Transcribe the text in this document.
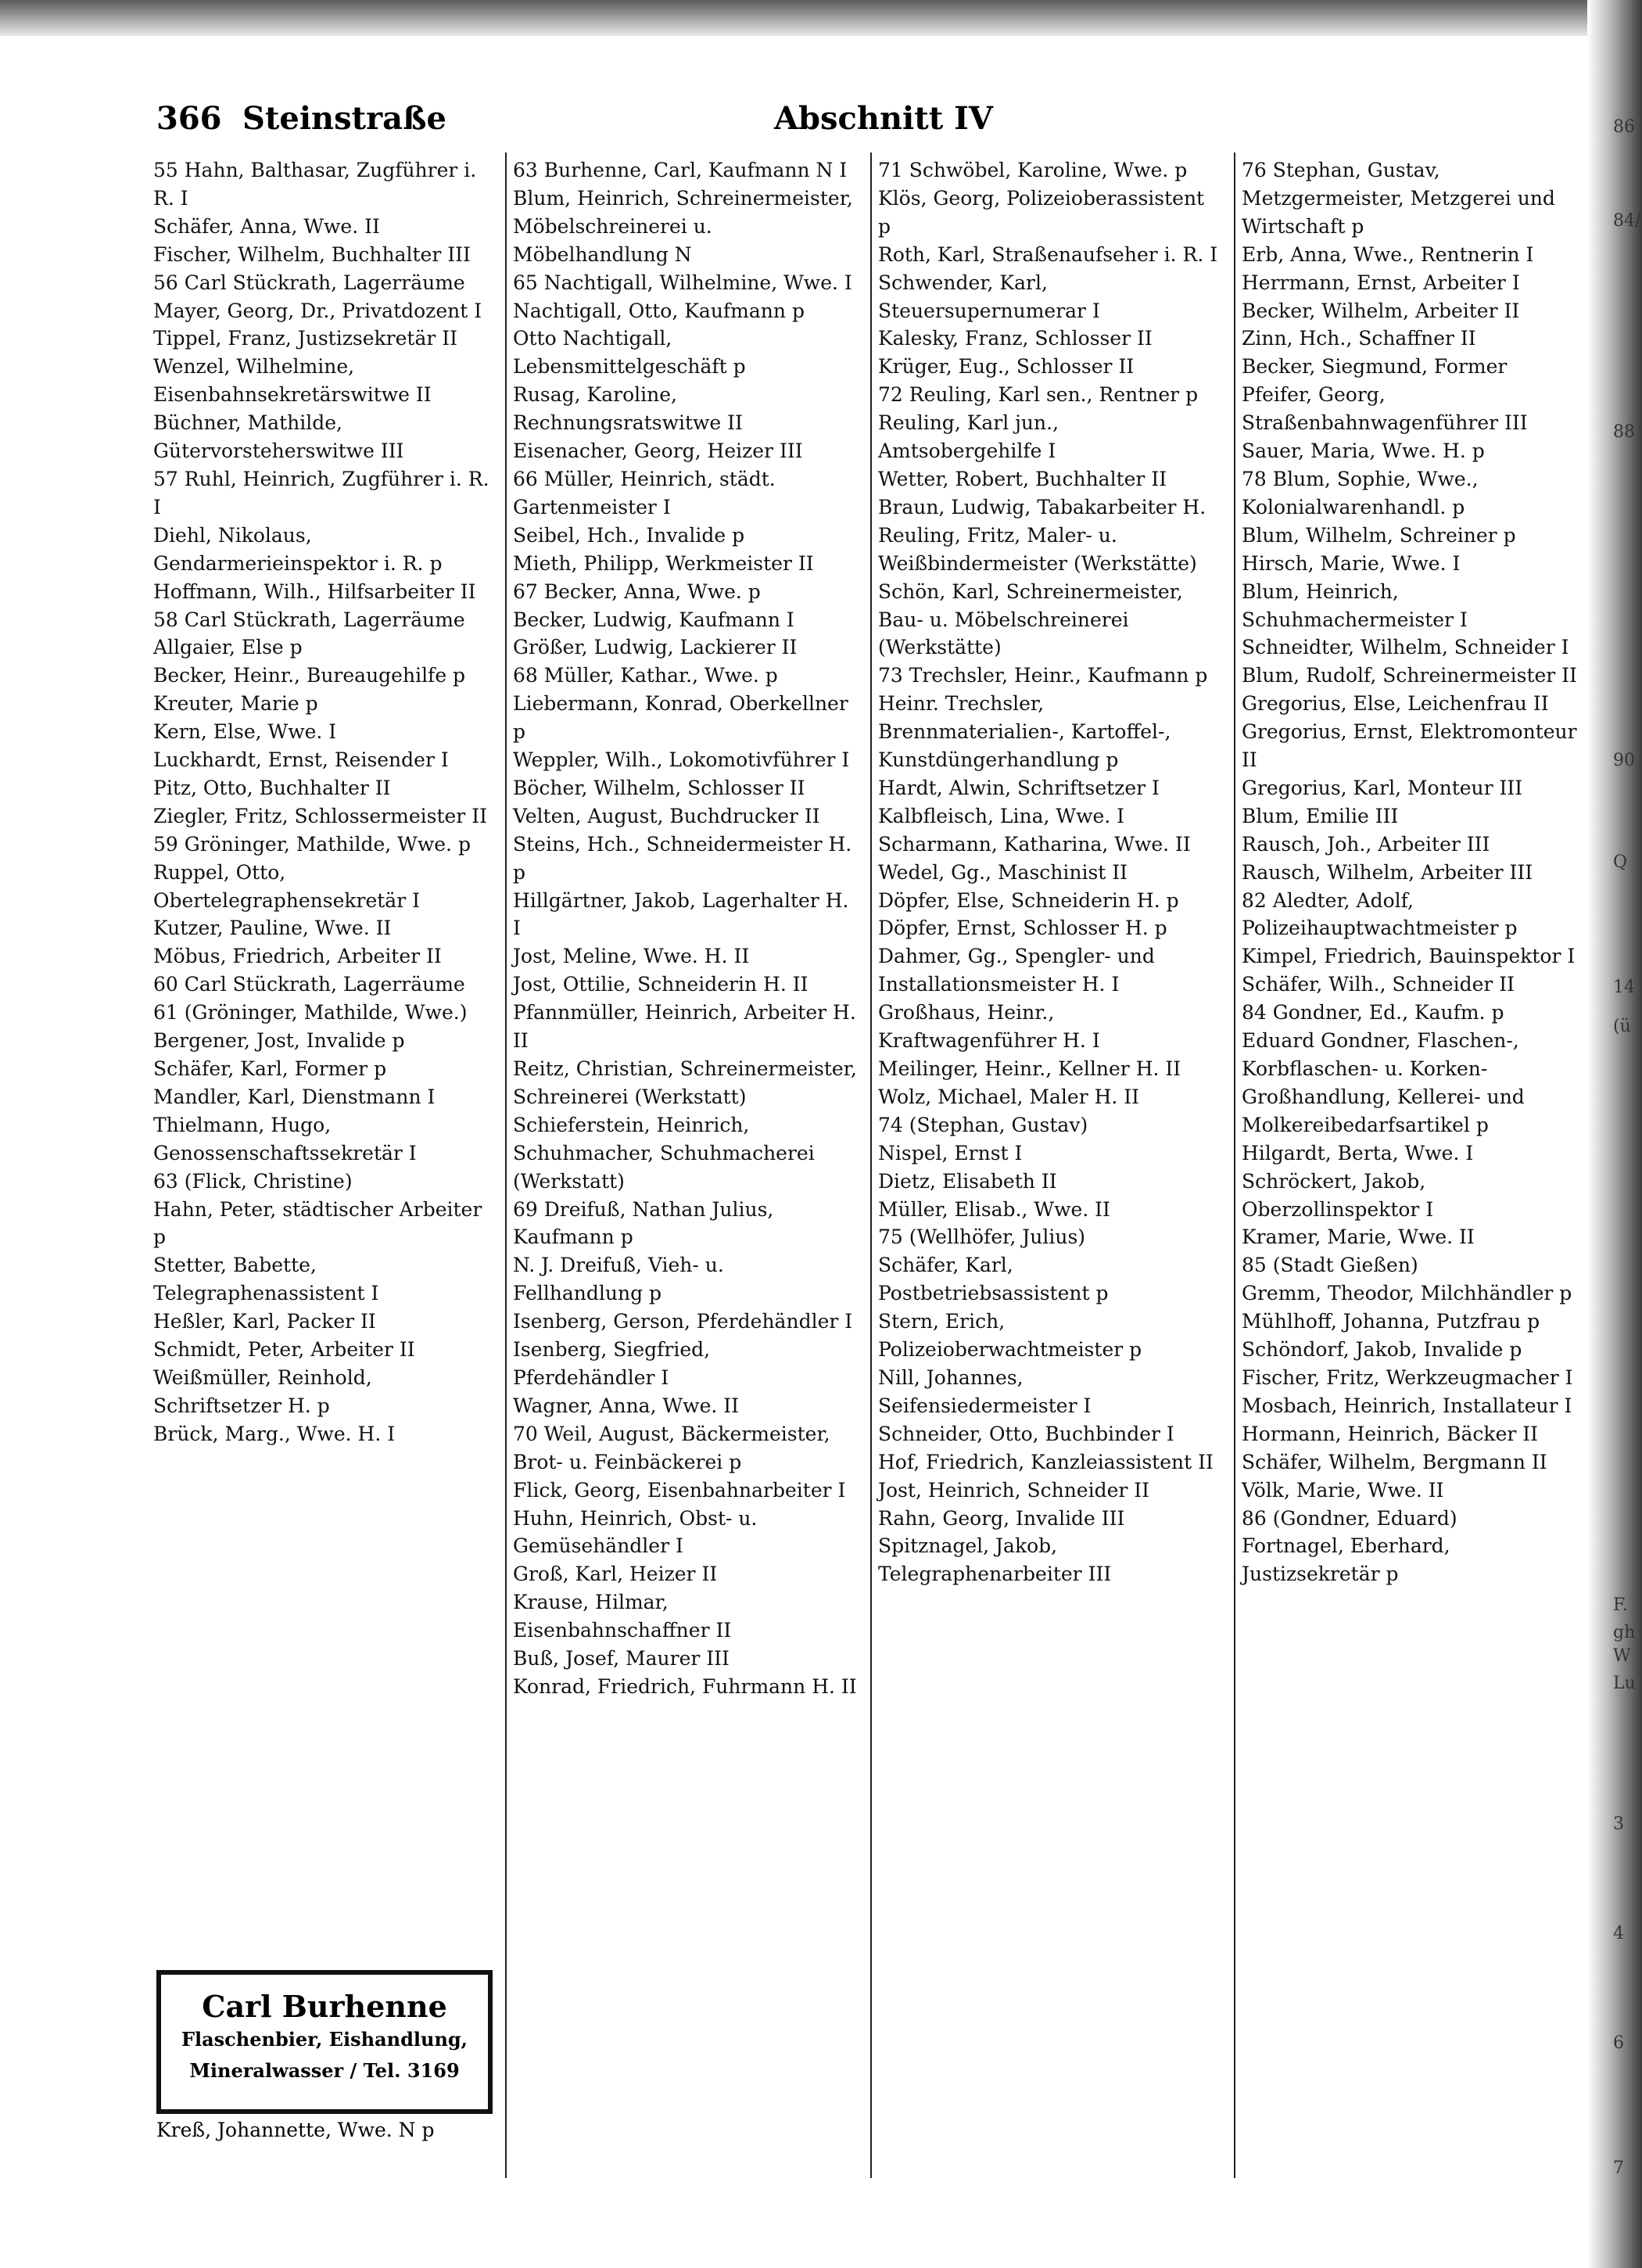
366 Steinstraße	Abschnitt IV
55 Hahn, Balthasar, Zugführer i. R. I
Schäfer, Anna, Wwe. II
Fischer, Wilhelm, Buchhalter III
56 Carl Stückrath, Lagerräume
Mayer, Georg, Dr., Privatdozent I
Tippel, Franz, Justizsekretär II
Wenzel, Wilhelmine, Eisenbahnsekretärswitwe II
Büchner, Mathilde, Gütervorsteherswitwe III
57 Ruhl, Heinrich, Zugführer i. R. I
Diehl, Nikolaus, Gendarmerieinspektor i. R. p
Hoffmann, Wilh., Hilfsarbeiter II
58 Carl Stückrath, Lagerräume
Allgaier, Else p
Becker, Heinr., Bureaugehilfe p
Kreuter, Marie p
Kern, Else, Wwe. I
Luckhardt, Ernst, Reisender I
Pitz, Otto, Buchhalter II
Ziegler, Fritz, Schlossermeister II
59 Gröninger, Mathilde, Wwe. p
Ruppel, Otto, Obertelegraphensekretär I
Kutzer, Pauline, Wwe. II
Möbus, Friedrich, Arbeiter II
60 Carl Stückrath, Lagerräume
61 (Gröninger, Mathilde, Wwe.)
Bergener, Jost, Invalide p
Schäfer, Karl, Former p
Mandler, Karl, Dienstmann I
Thielmann, Hugo, Genossenschaftssekretär I
63 (Flick, Christine)
Hahn, Peter, städtischer Arbeiter p
Stetter, Babette, Telegraphenassistent I
Heßler, Karl, Packer II
Schmidt, Peter, Arbeiter II
Weißmüller, Reinhold, Schriftsetzer H. p
Brück, Marg., Wwe. H. I
63 Burhenne, Carl, Kaufmann N I
Blum, Heinrich, Schreinermeister, Möbelschreinerei u. Möbelhandlung N
65 Nachtigall, Wilhelmine, Wwe. I
Nachtigall, Otto, Kaufmann p
Otto Nachtigall, Lebensmittelgeschäft p
Rusag, Karoline, Rechnungsratswitwe II
Eisenacher, Georg, Heizer III
66 Müller, Heinrich, städt. Gartenmeister I
Seibel, Hch., Invalide p
Mieth, Philipp, Werkmeister II
67 Becker, Anna, Wwe. p
Becker, Ludwig, Kaufmann I
Größer, Ludwig, Lackierer II
68 Müller, Kathar., Wwe. p
Liebermann, Konrad, Oberkellner p
Weppler, Wilh., Lokomotivführer I
Böcher, Wilhelm, Schlosser II
Velten, August, Buchdrucker II
Steins, Hch., Schneidermeister H. p
Hillgärtner, Jakob, Lagerhalter H. I
Jost, Meline, Wwe. H. II
Jost, Ottilie, Schneiderin H. II
Pfannmüller, Heinrich, Arbeiter H. II
Reitz, Christian, Schreinermeister, Schreinerei (Werkstatt)
Schieferstein, Heinrich, Schuhmacher, Schuhmacherei (Werkstatt)
69 Dreifuß, Nathan Julius, Kaufmann p
N. J. Dreifuß, Vieh- u. Fellhandlung p
Isenberg, Gerson, Pferdehändler I
Isenberg, Siegfried, Pferdehändler I
Wagner, Anna, Wwe. II
70 Weil, August, Bäckermeister, Brot- u. Feinbäckerei p
Flick, Georg, Eisenbahnarbeiter I
Huhn, Heinrich, Obst- u. Gemüsehändler I
Groß, Karl, Heizer II
Krause, Hilmar, Eisenbahnschaffner II
Buß, Josef, Maurer III
Konrad, Friedrich, Fuhrmann H. II
71 Schwöbel, Karoline, Wwe. p
Klös, Georg, Polizeioberassistent p
Roth, Karl, Straßenaufseher i. R. I
Schwender, Karl, Steuersupernumerar I
Kalesky, Franz, Schlosser II
Krüger, Eug., Schlosser II
72 Reuling, Karl sen., Rentner p
Reuling, Karl jun., Amtsobergehilfe I
Wetter, Robert, Buchhalter II
Braun, Ludwig, Tabakarbeiter H.
Reuling, Fritz, Maler- u. Weißbindermeister (Werkstätte)
Schön, Karl, Schreinermeister, Bau- u. Möbelschreinerei (Werkstätte)
73 Trechsler, Heinr., Kaufmann p
Heinr. Trechsler, Brennmaterialien-, Kartoffel-, Kunstdüngerhandlung p
Hardt, Alwin, Schriftsetzer I
Kalbfleisch, Lina, Wwe. I
Scharmann, Katharina, Wwe. II
Wedel, Gg., Maschinist II
Döpfer, Else, Schneiderin H. p
Döpfer, Ernst, Schlosser H. p
Dahmer, Gg., Spengler- und Installationsmeister H. I
Großhaus, Heinr., Kraftwagenführer H. I
Meilinger, Heinr., Kellner H. II
Wolz, Michael, Maler H. II
74 (Stephan, Gustav)
Nispel, Ernst I
Dietz, Elisabeth II
Müller, Elisab., Wwe. II
75 (Wellhöfer, Julius)
Schäfer, Karl, Postbetriebsassistent p
Stern, Erich, Polizeioberwachtmeister p
Nill, Johannes, Seifensiedermeister I
Schneider, Otto, Buchbinder I
Hof, Friedrich, Kanzleiassistent II
Jost, Heinrich, Schneider II
Rahn, Georg, Invalide III
Spitznagel, Jakob, Telegraphenarbeiter III
76 Stephan, Gustav, Metzgermeister, Metzgerei und Wirtschaft p
Erb, Anna, Wwe., Rentnerin I
Herrmann, Ernst, Arbeiter I
Becker, Wilhelm, Arbeiter II
Zinn, Hch., Schaffner II
Becker, Siegmund, Former
Pfeifer, Georg, Straßenbahnwagenführer III
Sauer, Maria, Wwe. H. p
78 Blum, Sophie, Wwe., Kolonialwarenhandl. p
Blum, Wilhelm, Schreiner p
Hirsch, Marie, Wwe. I
Blum, Heinrich, Schuhmachermeister I
Schneidter, Wilhelm, Schneider I
Blum, Rudolf, Schreinermeister II
Gregorius, Else, Leichenfrau II
Gregorius, Ernst, Elektromonteur II
Gregorius, Karl, Monteur III
Blum, Emilie III
Rausch, Joh., Arbeiter III
Rausch, Wilhelm, Arbeiter III
82 Aledter, Adolf, Polizeihauptwachtmeister p
Kimpel, Friedrich, Bauinspektor I
Schäfer, Wilh., Schneider II
84 Gondner, Ed., Kaufm. p
Eduard Gondner, Flaschen-, Korbflaschen- u. Korken-Großhandlung, Kellerei- und Molkereibedarfsartikel p
Hilgardt, Berta, Wwe. I
Schröckert, Jakob, Oberzollinspektor I
Kramer, Marie, Wwe. II
85 (Stadt Gießen)
Gremm, Theodor, Milchhändler p
Mühlhoff, Johanna, Putzfrau p
Schöndorf, Jakob, Invalide p
Fischer, Fritz, Werkzeugmacher I
Mosbach, Heinrich, Installateur I
Hormann, Heinrich, Bäcker II
Schäfer, Wilhelm, Bergmann II
Völk, Marie, Wwe. II
86 (Gondner, Eduard)
Fortnagel, Eberhard, Justizsekretär p
Carl Burhenne
Flaschenbier, Eishandlung,
Mineralwasser / Tel. 3169
Kreß, Johannette, Wwe. N p
86
84/
88
90
Q
14
(ü
F.
gh
W
Lu
3
4
6
7
